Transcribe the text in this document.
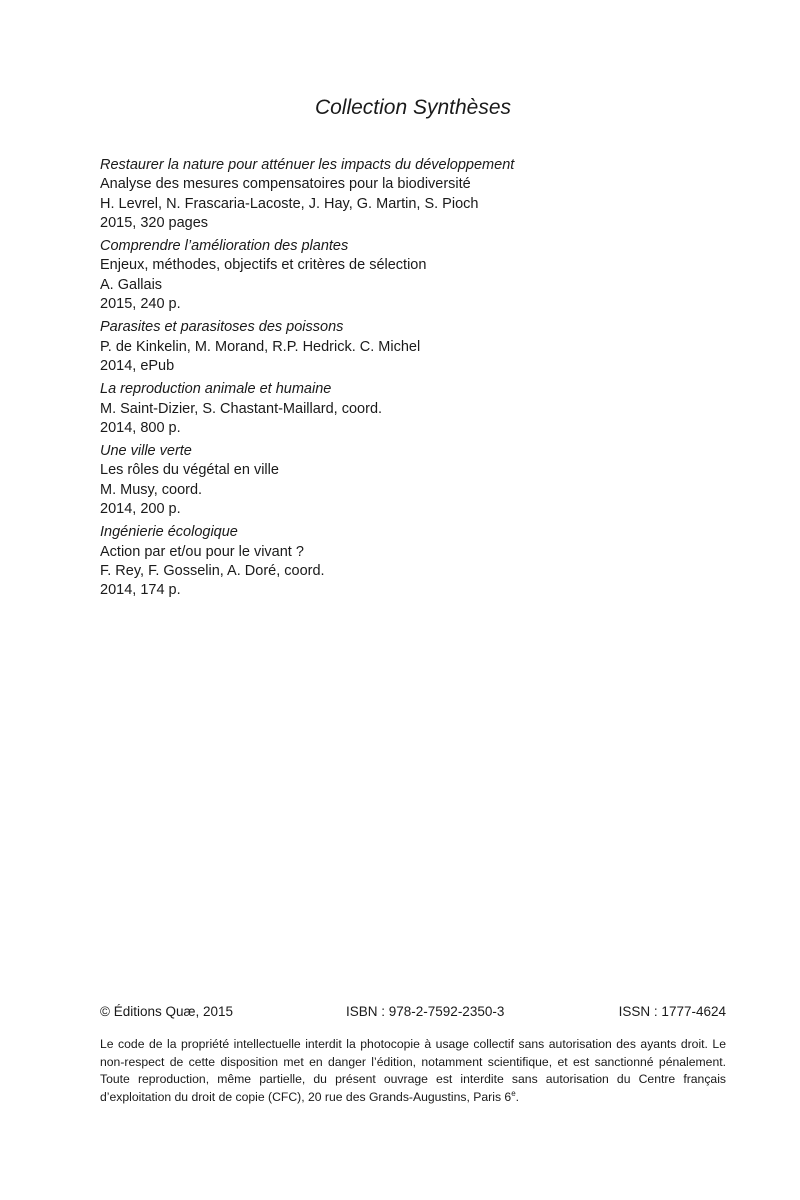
Collection Synthèses
Restaurer la nature pour atténuer les impacts du développement
Analyse des mesures compensatoires pour la biodiversité
H. Levrel, N. Frascaria-Lacoste, J. Hay, G. Martin, S. Pioch
2015, 320 pages
Comprendre l’amélioration des plantes
Enjeux, méthodes, objectifs et critères de sélection
A. Gallais
2015, 240 p.
Parasites et parasitoses des poissons
P. de Kinkelin, M. Morand, R.P. Hedrick. C. Michel
2014, ePub
La reproduction animale et humaine
M. Saint-Dizier, S. Chastant-Maillard, coord.
2014, 800 p.
Une ville verte
Les rôles du végétal en ville
M. Musy, coord.
2014, 200 p.
Ingénierie écologique
Action par et/ou pour le vivant ?
F. Rey, F. Gosselin, A. Doré, coord.
2014, 174 p.
© Éditions Quæ, 2015	ISBN : 978-2-7592-2350-3	ISSN : 1777-4624
Le code de la propriété intellectuelle interdit la photocopie à usage collectif sans autorisation des ayants droit. Le non-respect de cette disposition met en danger l’édition, notamment scientifique, et est sanctionné pénalement. Toute reproduction, même partielle, du présent ouvrage est interdite sans autorisation du Centre français d’exploitation du droit de copie (CFC), 20 rue des Grands-Augustins, Paris 6e.
